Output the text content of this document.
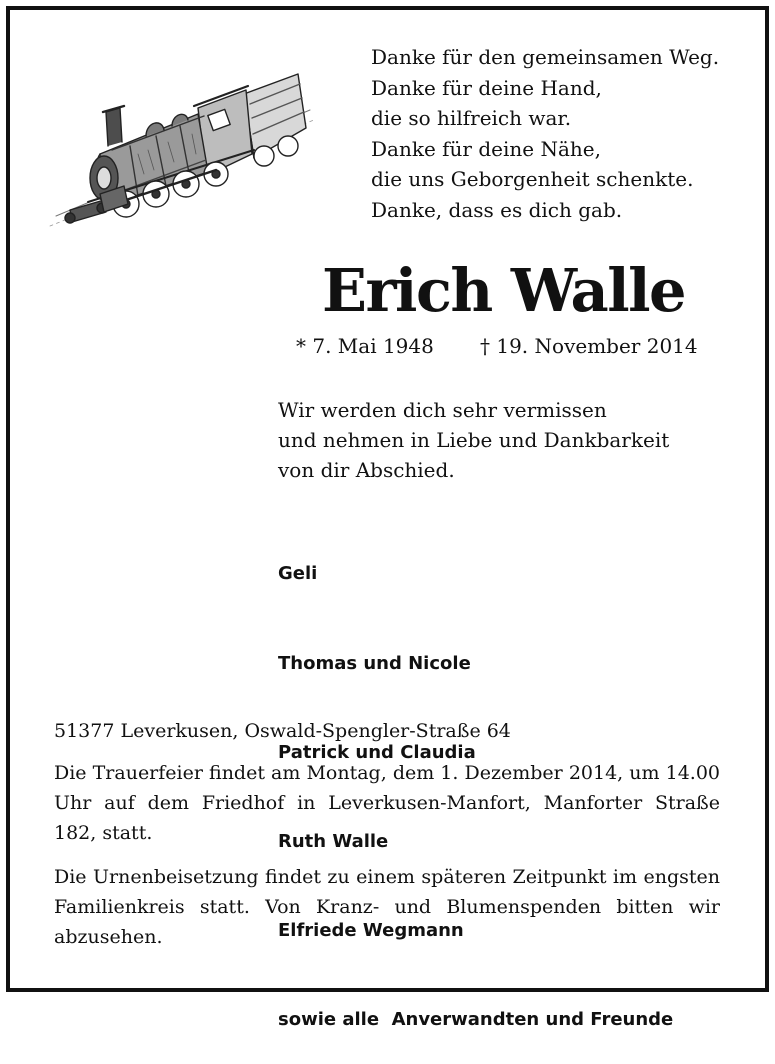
Danke für den gemeinsamen Weg.
Danke für deine Hand,
die so hilfreich war.
Danke für deine Nähe,
die uns Geborgenheit schenkte.
Danke, dass es dich gab.
Erich Walle
* 7. Mai 1948 † 19. November 2014
Wir werden dich sehr vermissen
und nehmen in Liebe und Dankbarkeit
von dir Abschied.

Geli

Thomas und Nicole

Patrick und Claudia

Ruth Walle

Elfriede Wegmann

sowie alle  Anverwandten und Freunde

51377 Leverkusen, Oswald-Spengler-Straße 64
Die Trauerfeier findet am Montag, dem 1. Dezember 2014, um 14.00 Uhr auf dem Friedhof in Leverkusen-Manfort, Manforter Straße 182, statt.
Die Urnenbeisetzung findet zu einem späteren Zeitpunkt im engsten Familienkreis statt. Von Kranz- und Blumenspenden bitten wir abzusehen.
